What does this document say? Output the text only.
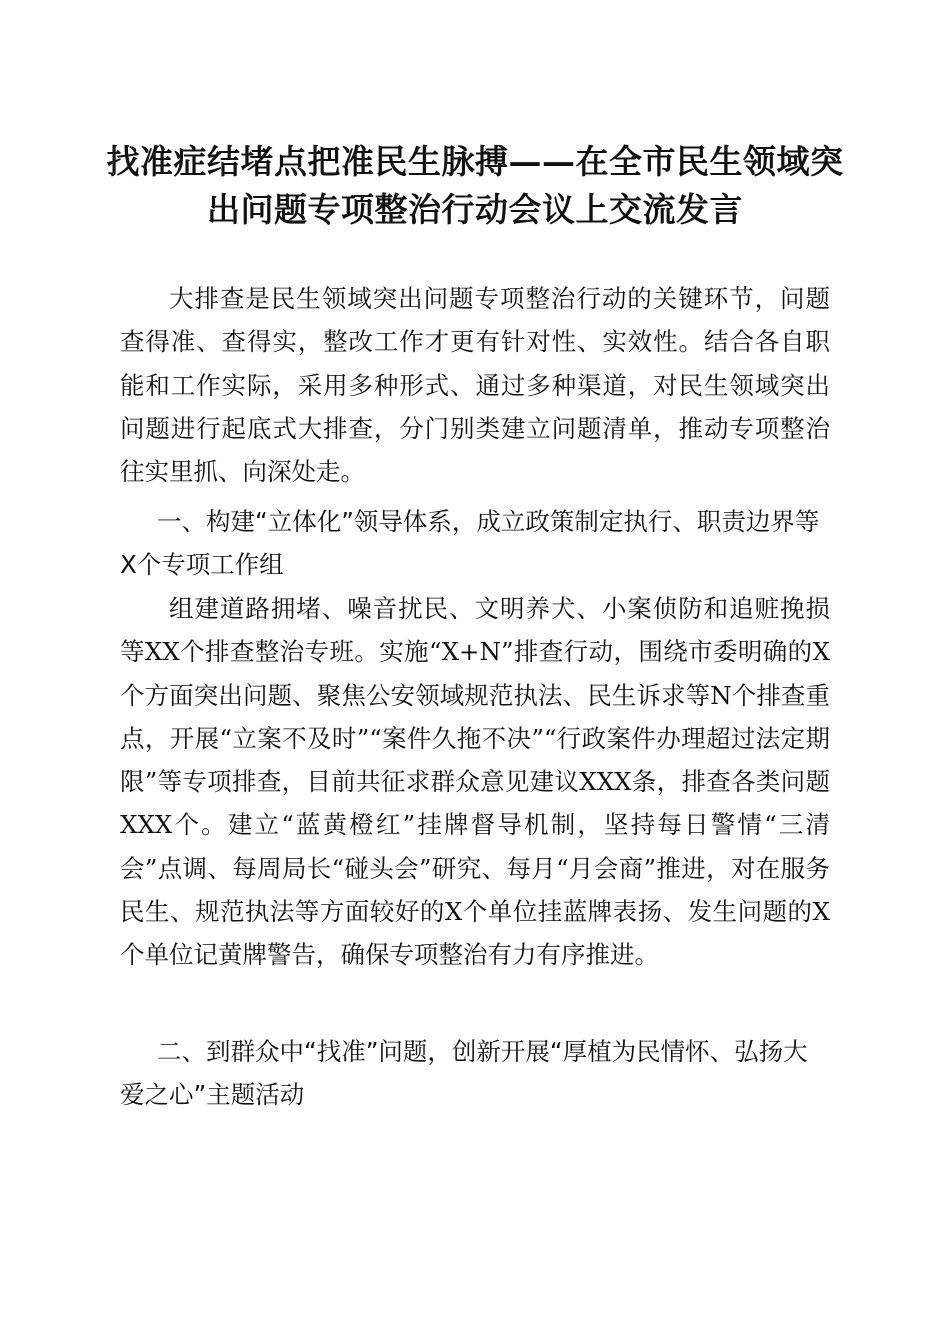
找准症结堵点把准民生脉搏——在全市民生领域突出问题专项整治行动会议上交流发言

大排查是民生领域突出问题专项整治行动的关键环节，问题查得准、查得实，整改工作才更有针对性、实效性。结合各自职能和工作实际，采用多种形式、通过多种渠道，对民生领域突出问题进行起底式大排查，分门别类建立问题清单，推动专项整治往实里抓、向深处走。

一、构建“立体化”领导体系，成立政策制定执行、职责边界等X个专项工作组

组建道路拥堵、噪音扰民、文明养犬、小案侦防和追赃挽损等XX个排查整治专班。实施“X+N”排查行动，围绕市委明确的X个方面突出问题、聚焦公安领域规范执法、民生诉求等N个排查重点，开展“立案不及时”“案件久拖不决”“行政案件办理超过法定期限”等专项排查，目前共征求群众意见建议XXX条，排查各类问题XXX个。建立“蓝黄橙红”挂牌督导机制，坚持每日警情“三清会”点调、每周局长“碰头会”研究、每月“月会商”推进，对在服务民生、规范执法等方面较好的X个单位挂蓝牌表扬、发生问题的X个单位记黄牌警告，确保专项整治有力有序推进。

二、到群众中“找准”问题，创新开展“厚植为民情怀、弘扬大爱之心”主题活动
